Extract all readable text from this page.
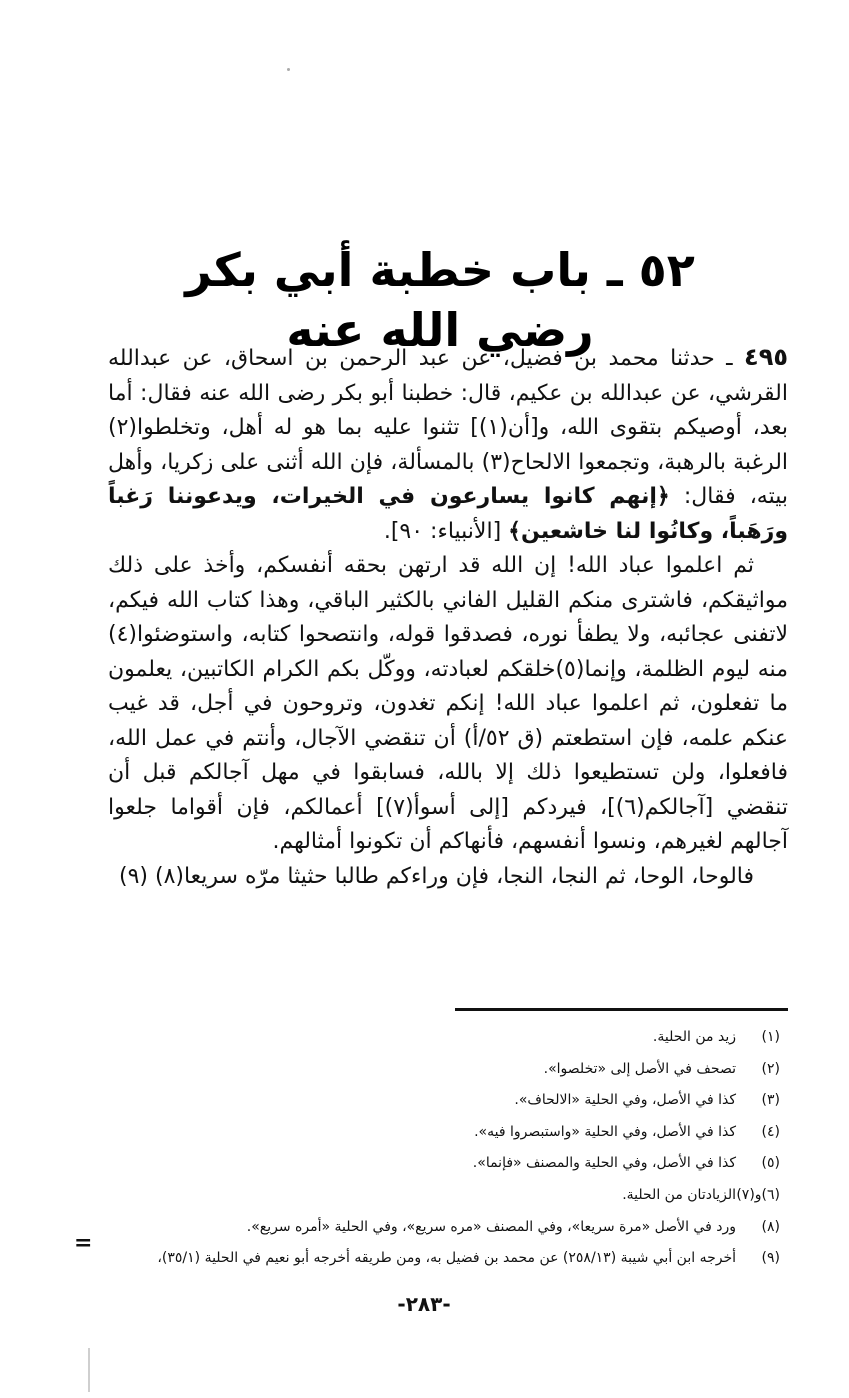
٥٢ ـ باب خطبة أبي بكر رضي الله عنه	٤٩٥ ـ حدثنا محمد بن فضيل، عن عبد الرحمن بن اسحاق، عن عبدالله القرشي، عن عبدالله بن عكيم، قال: خطبنا أبو بكر رضى الله عنه فقال: أما بعد، أوصيكم بتقوى الله، و[أن(١)] تثنوا عليه بما هو له أهل، وتخلطوا(٢) الرغبة بالرهبة، وتجمعوا الالحاح(٣) بالمسألة، فإن الله أثنى على زكريا، وأهل بيته، فقال: ﴿إنهم كانوا يسارعون في الخيرات، ويدعوننا رَغباً ورَهَباً، وكانُوا لنا خاشعين﴾ [الأنبياء: ٩٠].

ثم اعلموا عباد الله! إن الله قد ارتهن بحقه أنفسكم، وأخذ على ذلك مواثيقكم، فاشترى منكم القليل الفاني بالكثير الباقي، وهذا كتاب الله فيكم، لاتفنى عجائبه، ولا يطفأ نوره، فصدقوا قوله، وانتصحوا كتابه، واستوضئوا(٤) منه ليوم الظلمة، وإنما(٥)خلقكم لعبادته، ووكّل بكم الكرام الكاتبين، يعلمون ما تفعلون، ثم اعلموا عباد الله! إنكم تغدون، وتروحون في أجل، قد غيب عنكم علمه، فإن استطعتم (ق ٥٢/أ) أن تنقضي الآجال، وأنتم في عمل الله، فافعلوا، ولن تستطيعوا ذلك إلا بالله، فسابقوا في مهل آجالكم قبل أن تنقضي [آجالكم(٦)]، فيردكم [إلى أسوأ(٧)] أعمالكم، فإن أقواما جلعوا آجالهم لغيرهم، ونسوا أنفسهم، فأنهاكم أن تكونوا أمثالهم.

فالوحا، الوحا، ثم النجا، النجا، فإن وراءكم طالبا حثيثا مرّه سريعا(٨) (٩)

(١)
زيد من الحلية.
(٢)
تصحف في الأصل إلى «تخلصوا».
(٣)
كذا في الأصل، وفي الحلية «الالحاف».
(٤)
كذا في الأصل، وفي الحلية «واستبصروا فيه».
(٥)
كذا في الأصل، وفي الحلية والمصنف «فإنما».
(٦)و(٧)
الزيادتان من الحلية.
(٨)
ورد في الأصل «مرة سريعا»، وفي المصنف «مره سريع»، وفي الحلية «أمره سريع».
(٩)
أخرجه ابن أبي شيبة (٢٥٨/١٣) عن محمد بن فضيل به، ومن طريقه أخرجه أبو نعيم في الحلية (٣٥/١)،
=
-٢٨٣-
